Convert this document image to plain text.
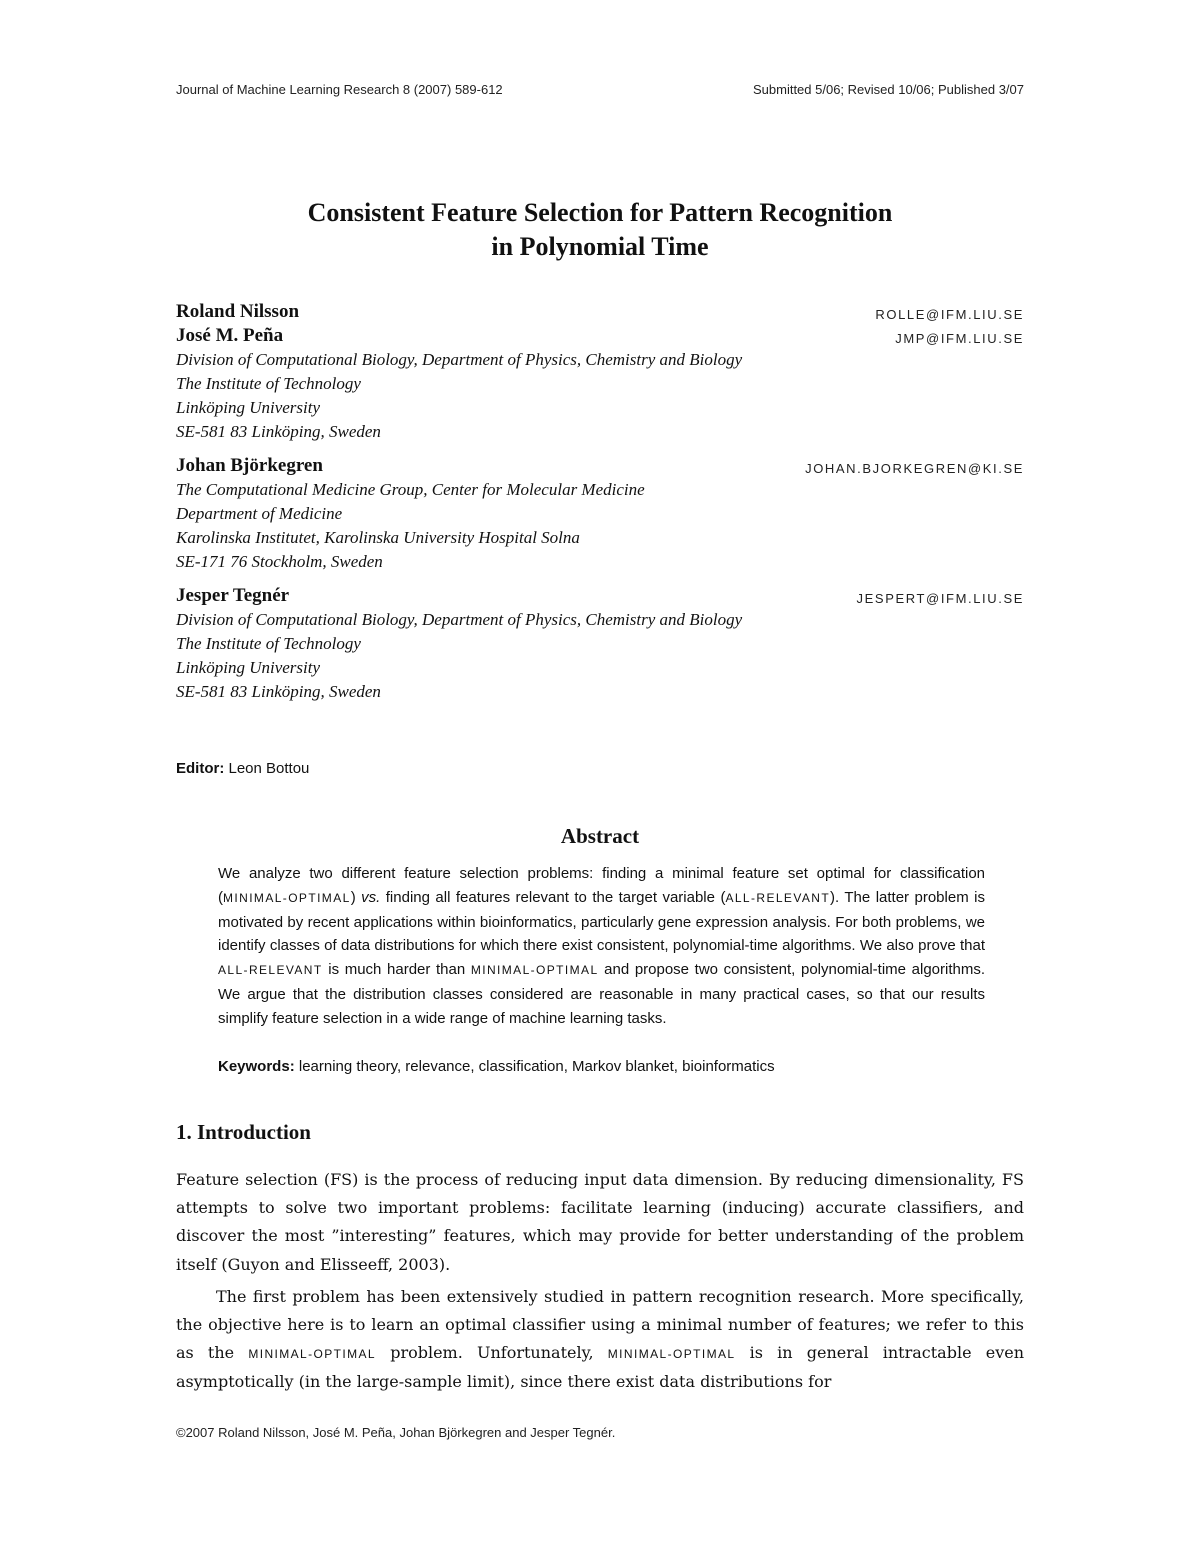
Journal of Machine Learning Research 8 (2007) 589-612	Submitted 5/06; Revised 10/06; Published 3/07
Consistent Feature Selection for Pattern Recognition
in Polynomial Time
Roland Nilsson	ROLLE@IFM.LIU.SE
José M. Peña	JMP@IFM.LIU.SE
Division of Computational Biology, Department of Physics, Chemistry and Biology
The Institute of Technology
Linköping University
SE-581 83 Linköping, Sweden
Johan Björkegren	JOHAN.BJORKEGREN@KI.SE
The Computational Medicine Group, Center for Molecular Medicine
Department of Medicine
Karolinska Institutet, Karolinska University Hospital Solna
SE-171 76 Stockholm, Sweden
Jesper Tegnér	JESPERT@IFM.LIU.SE
Division of Computational Biology, Department of Physics, Chemistry and Biology
The Institute of Technology
Linköping University
SE-581 83 Linköping, Sweden
Editor: Leon Bottou
Abstract
We analyze two different feature selection problems: finding a minimal feature set optimal for classification (MINIMAL-OPTIMAL) vs. finding all features relevant to the target variable (ALL-RELEVANT). The latter problem is motivated by recent applications within bioinformatics, particularly gene expression analysis. For both problems, we identify classes of data distributions for which there exist consistent, polynomial-time algorithms. We also prove that ALL-RELEVANT is much harder than MINIMAL-OPTIMAL and propose two consistent, polynomial-time algorithms. We argue that the distribution classes considered are reasonable in many practical cases, so that our results simplify feature selection in a wide range of machine learning tasks.
Keywords: learning theory, relevance, classification, Markov blanket, bioinformatics
1. Introduction

Feature selection (FS) is the process of reducing input data dimension. By reducing dimensionality, FS attempts to solve two important problems: facilitate learning (inducing) accurate classifiers, and discover the most ”interesting” features, which may provide for better understanding of the problem itself (Guyon and Elisseeff, 2003).

The first problem has been extensively studied in pattern recognition research. More specifically, the objective here is to learn an optimal classifier using a minimal number of features; we refer to this as the MINIMAL-OPTIMAL problem. Unfortunately, MINIMAL-OPTIMAL is in general intractable even asymptotically (in the large-sample limit), since there exist data distributions for

©2007 Roland Nilsson, José M. Peña, Johan Björkegren and Jesper Tegnér.
